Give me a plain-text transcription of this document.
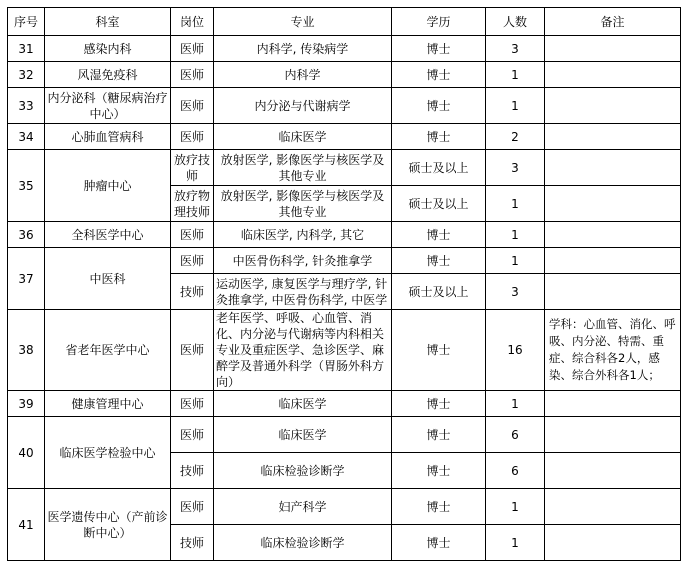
序号	科室	岗位	专业	学历	人数	备注
31	感染内科	医师	内科学, 传染病学	博士	3	
32	风湿免疫科	医师	内科学	博士	1	
33	内分泌科（糖尿病治疗中心）	医师	内分泌与代谢病学	博士	1	
34	心肺血管病科	医师	临床医学	博士	2	
35	肿瘤中心	放疗技师	放射医学, 影像医学与核医学及其他专业	硕士及以上	3	
		放疗物理技师	放射医学, 影像医学与核医学及其他专业	硕士及以上	1	
36	全科医学中心	医师	临床医学, 内科学, 其它	博士	1	
37	中医科	医师	中医骨伤科学, 针灸推拿学	博士	1	
		技师	运动医学, 康复医学与理疗学, 针灸推拿学, 中医骨伤科学, 中医学	硕士及以上	3	
38	省老年医学中心	医师	老年医学、呼吸、心血管、消化、内分泌与代谢病等内科相关专业及重症医学、急诊医学、麻醉学及普通外科学（胃肠外科方向）	博士	16	学科：心血管、消化、呼吸、内分泌、特需、重症、综合科各2人，感染、综合外科各1人；
39	健康管理中心	医师	临床医学	博士	1	
40	临床医学检验中心	医师	临床医学	博士	6	
		技师	临床检验诊断学	博士	6	
41	医学遗传中心（产前诊断中心）	医师	妇产科学	博士	1	
		技师	临床检验诊断学	博士	1	
